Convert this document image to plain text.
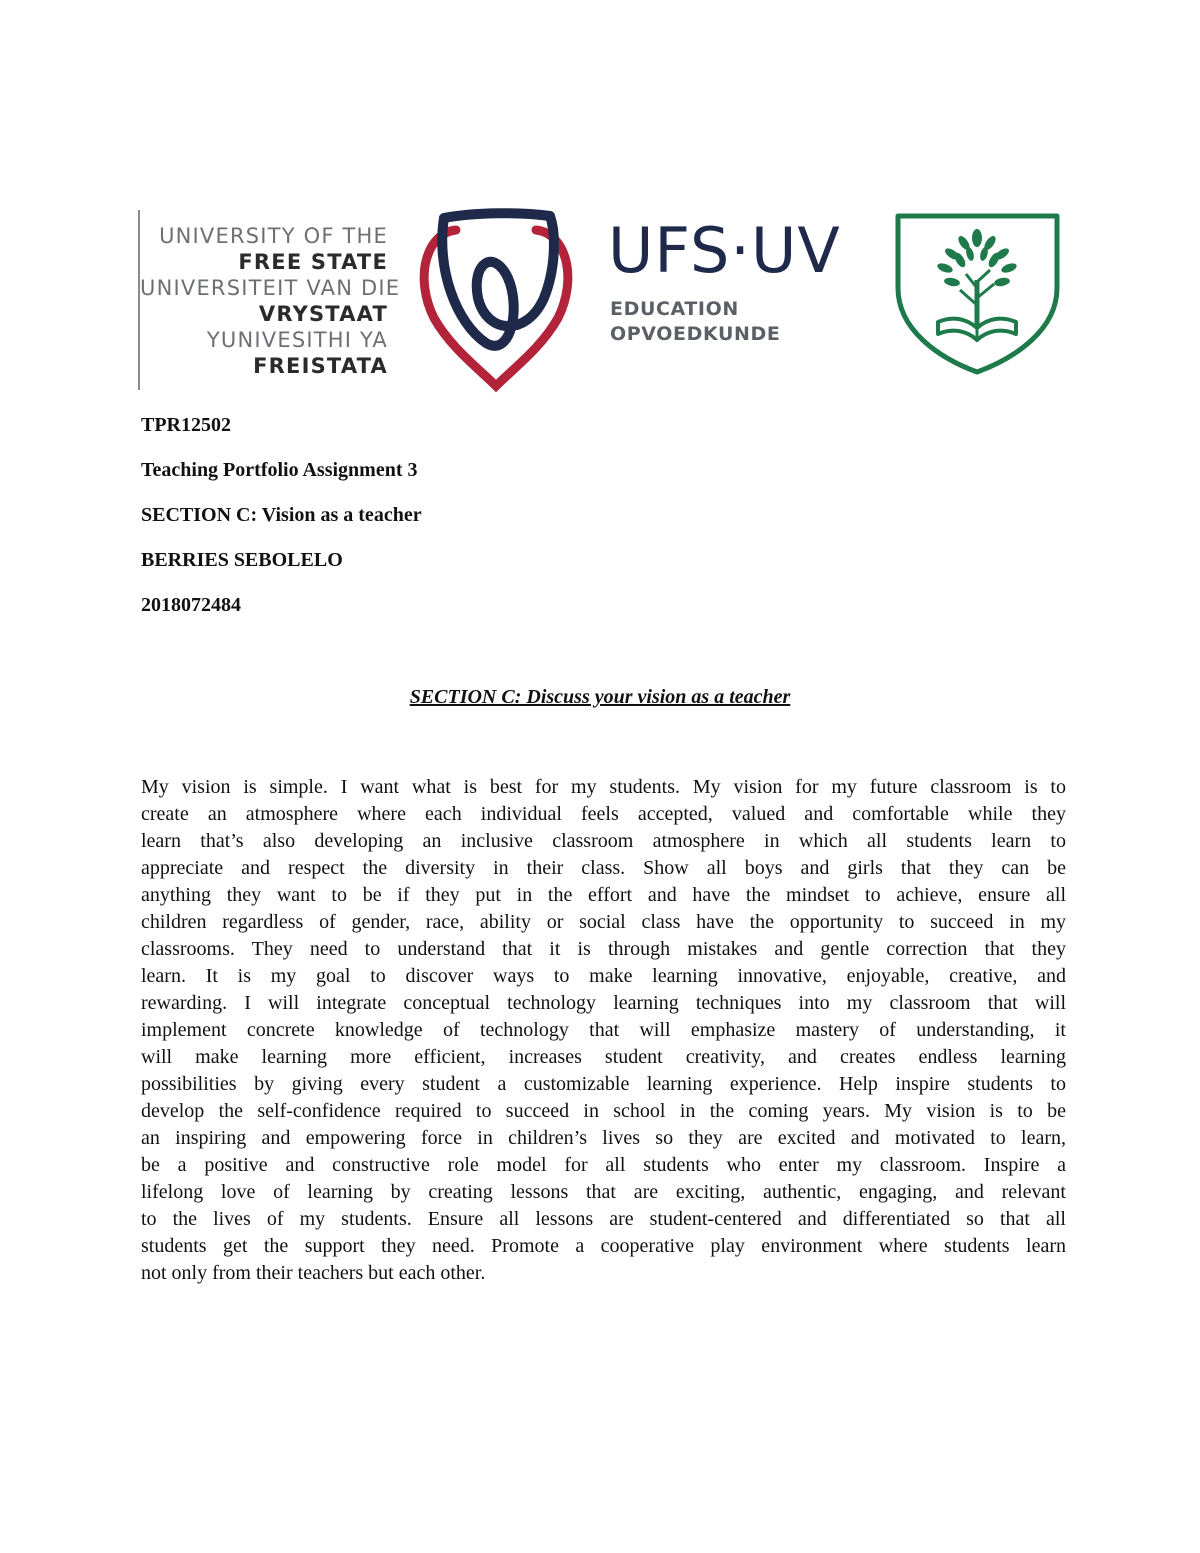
UNIVERSITY OF THE
FREE STATE
UNIVERSITEIT VAN DIE
VRYSTAAT
YUNIVESITHI YA
FREISTATA
UFS·UV
EDUCATION
OPVOEDKUNDE
TPR12502
Teaching Portfolio Assignment 3
SECTION C: Vision as a teacher
BERRIES SEBOLELO
2018072484
SECTION C: Discuss your vision as a teacher
My vision is simple. I want what is best for my students. My vision for my future classroom is to
create an atmosphere where each individual feels accepted, valued and comfortable while they
learn that’s also developing an inclusive classroom atmosphere in which all students learn to
appreciate and respect the diversity in their class. Show all boys and girls that they can be
anything they want to be if they put in the effort and have the mindset to achieve, ensure all
children regardless of gender, race, ability or social class have the opportunity to succeed in my
classrooms. They need to understand that it is through mistakes and gentle correction that they
learn. It is my goal to discover ways to make learning innovative, enjoyable, creative, and
rewarding. I will integrate conceptual technology learning techniques into my classroom that will
implement concrete knowledge of technology that will emphasize mastery of understanding, it
will make learning more efficient, increases student creativity, and creates endless learning
possibilities by giving every student a customizable learning experience. Help inspire students to
develop the self-confidence required to succeed in school in the coming years. My vision is to be
an inspiring and empowering force in children’s lives so they are excited and motivated to learn,
be a positive and constructive role model for all students who enter my classroom. Inspire a
lifelong love of learning by creating lessons that are exciting, authentic, engaging, and relevant
to the lives of my students. Ensure all lessons are student-centered and differentiated so that all
students get the support they need. Promote a cooperative play environment where students learn
not only from their teachers but each other.
